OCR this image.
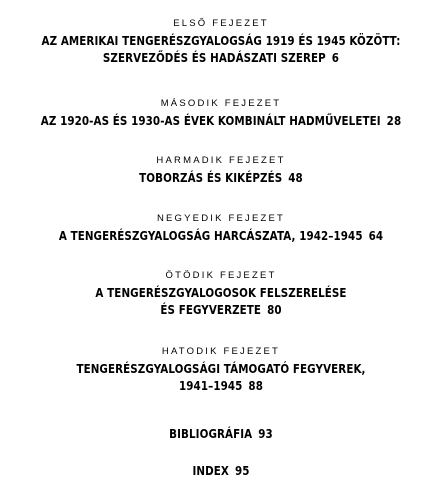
ELSŐ FEJEZET
AZ AMERIKAI TENGERÉSZGYALOGSÁG 1919 ÉS 1945 KÖZÖTT:
SZERVEZŐDÉS ÉS HADÁSZATI SZEREP 6
MÁSODIK FEJEZET
AZ 1920-AS ÉS 1930-AS ÉVEK KOMBINÁLT HADMŰVELETEI 28
HARMADIK FEJEZET
TOBORZÁS ÉS KIKÉPZÉS 48
NEGYEDIK FEJEZET
A TENGERÉSZGYALOGSÁG HARCÁSZATA, 1942–1945 64
ÖTÖDIK FEJEZET
A TENGERÉSZGYALOGOSOK FELSZERELÉSE
ÉS FEGYVERZETE 80
HATODIK FEJEZET
TENGERÉSZGYALOGSÁGI TÁMOGATÓ FEGYVEREK,
1941–1945 88
BIBLIOGRÁFIA 93
INDEX 95
